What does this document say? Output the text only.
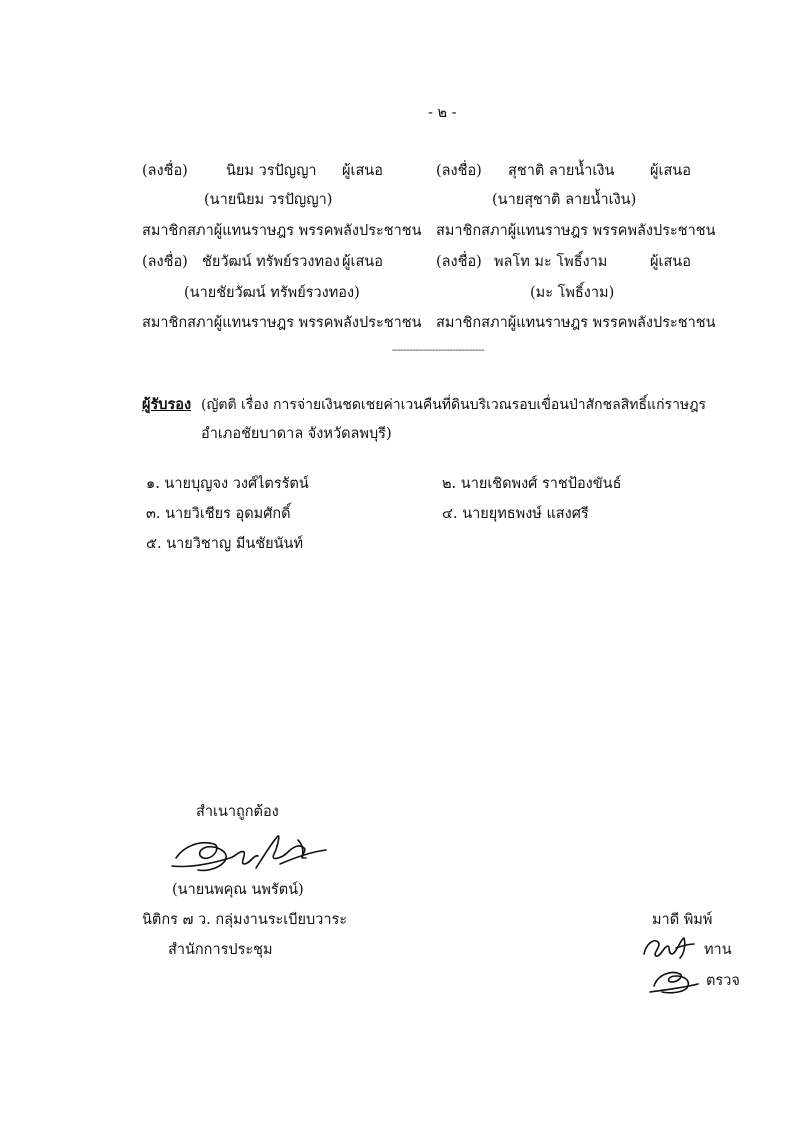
- ๒ -
(ลงชื่อ)	นิยม วรปัญญา ผู้เสนอ
(นายนิยม วรปัญญา)
สมาชิกสภาผู้แทนราษฎร พรรคพลังประชาชน
(ลงชื่อ) สุชาติ ลายน้ำเงิน ผู้เสนอ
(นายสุชาติ ลายน้ำเงิน)
สมาชิกสภาผู้แทนราษฎร พรรคพลังประชาชน
(ลงชื่อ) ชัยวัฒน์ ทรัพย์รวงทอง ผู้เสนอ
(นายชัยวัฒน์ ทรัพย์รวงทอง)
สมาชิกสภาผู้แทนราษฎร พรรคพลังประชาชน
(ลงชื่อ) พลโท มะ โพธิ์งาม	ผู้เสนอ
(มะ โพธิ์งาม)
สมาชิกสภาผู้แทนราษฎร พรรคพลังประชาชน
--------------------------------
ผู้รับรอง (ญัตติ เรื่อง การจ่ายเงินชดเชยค่าเวนคืนที่ดินบริเวณรอบเขื่อนป่าสักชลสิทธิ์แก่ราษฎร
อำเภอชัยบาดาล จังหวัดลพบุรี)
๑. นายบุญจง วงศ์ไตรรัตน์	๒. นายเชิดพงศ์ ราชป้องขันธ์
๓. นายวิเชียร อุดมศักดิ์	๔. นายยุทธพงษ์ แสงศรี
๕. นายวิชาญ มีนชัยนันท์
สำเนาถูกต้อง
(นายนพคุณ นพรัตน์)
นิติกร ๗ ว. กลุ่มงานระเบียบวาระ
สำนักการประชุม
มาดี พิมพ์
ทาน
ตรวจ
